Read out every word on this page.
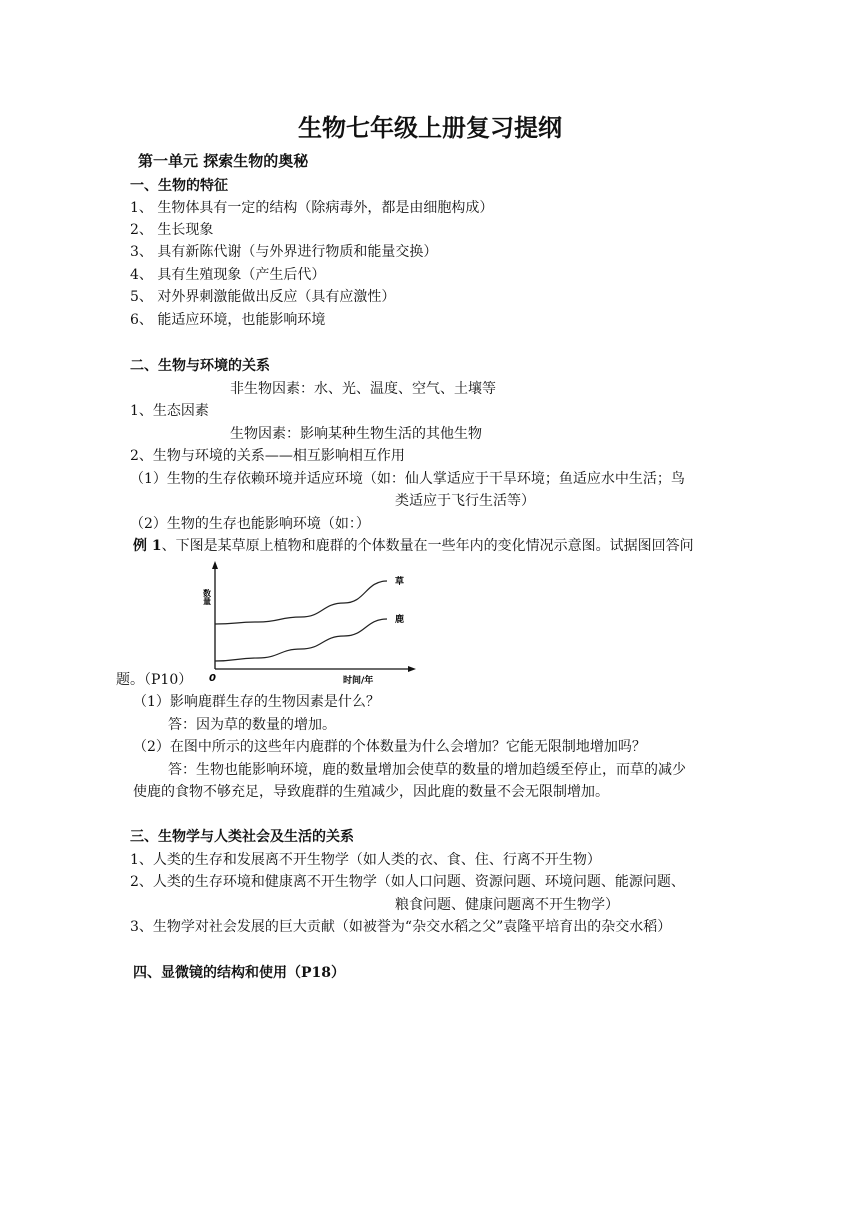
生物七年级上册复习提纲
第一单元 探索生物的奥秘
一、生物的特征
1、 生物体具有一定的结构（除病毒外，都是由细胞构成）
2、 生长现象
3、 具有新陈代谢（与外界进行物质和能量交换）
4、 具有生殖现象（产生后代）
5、 对外界刺激能做出反应（具有应激性）
6、 能适应环境，也能影响环境
二、生物与环境的关系
非生物因素：水、光、温度、空气、土壤等
1、生态因素
生物因素：影响某种生物生活的其他生物
2、生物与环境的关系——相互影响相互作用
（1）生物的生存依赖环境并适应环境（如：仙人掌适应于干旱环境；鱼适应水中生活；鸟
类适应于飞行生活等）
（2）生物的生存也能影响环境（如：）
例 1、下图是某草原上植物和鹿群的个体数量在一些年内的变化情况示意图。试据图回答问
草
鹿
数量
时间/年
0
题。（P10）
（1）影响鹿群生存的生物因素是什么？
答：因为草的数量的增加。
（2）在图中所示的这些年内鹿群的个体数量为什么会增加？它能无限制地增加吗？
答：生物也能影响环境，鹿的数量增加会使草的数量的增加趋缓至停止，而草的减少
使鹿的食物不够充足，导致鹿群的生殖减少，因此鹿的数量不会无限制增加。
三、生物学与人类社会及生活的关系
1、人类的生存和发展离不开生物学（如人类的衣、食、住、行离不开生物）
2、人类的生存环境和健康离不开生物学（如人口问题、资源问题、环境问题、能源问题、
粮食问题、健康问题离不开生物学）
3、生物学对社会发展的巨大贡献（如被誉为“杂交水稻之父”袁隆平培育出的杂交水稻）
四、显微镜的结构和使用（P18）
